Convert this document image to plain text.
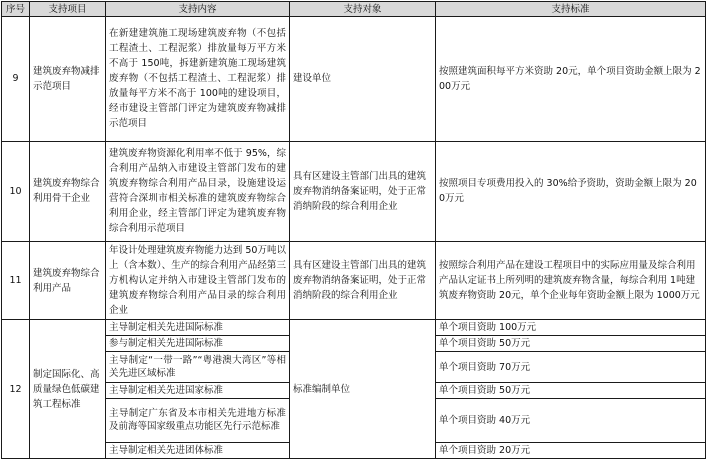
序号	支持项目	支持内容	支持对象	支持标准
9	建筑废弃物减排示范项目	在新建建筑施工现场建筑废弃物（不包括工程渣土、工程泥浆）排放量每万平方米不高于 150吨，拆建新建筑施工现场建筑废弃物（不包括工程渣土、工程泥浆）排放量每平方米不高于 100吨的建设项目，经市建设主管部门评定为建筑废弃物减排示范项目	建设单位	按照建筑面积每平方米资助 20元，单个项目资助金额上限为 200万元
10	建筑废弃物综合利用骨干企业	建筑废弃物资源化利用率不低于 95%，综合利用产品纳入市建设主管部门发布的建筑废弃物综合利用产品目录，设施建设运营符合深圳市相关标准的建筑废弃物综合利用企业，经主管部门评定为建筑废弃物综合利用示范项目	具有区建设主管部门出具的建筑废弃物消纳备案证明，处于正常消纳阶段的综合利用企业	按照项目专项费用投入的 30%给予资助，资助金额上限为 200万元
11	建筑废弃物综合利用产品	年设计处理建筑废弃物能力达到 50万吨以上（含本数）、生产的综合利用产品经第三方机构认定并纳入市建设主管部门发布的建筑废弃物综合利用产品目录的综合利用企业	具有区建设主管部门出具的建筑废弃物消纳备案证明，处于正常消纳阶段的综合利用企业	按照综合利用产品在建设工程项目中的实际应用量及综合利用产品认定证书上所列明的建筑废弃物含量，每综合利用 1吨建筑废弃物资助 20元，单个企业每年资助金额上限为 1000万元
12	制定国际化、高质量绿色低碳建筑工程标准	主导制定相关先进国际标准	标准编制单位	单个项目资助 100万元
		参与制定相关先进国际标准		单个项目资助 50万元
		主导制定“一带一路”“粤港澳大湾区”等相关先进区域标准		单个项目资助 70万元
		主导制定相关先进国家标准		单个项目资助 50万元
		主导制定广东省及本市相关先进地方标准及前海等国家级重点功能区先行示范标准		单个项目资助 40万元
		主导制定相关先进团体标准		单个项目资助 20万元
